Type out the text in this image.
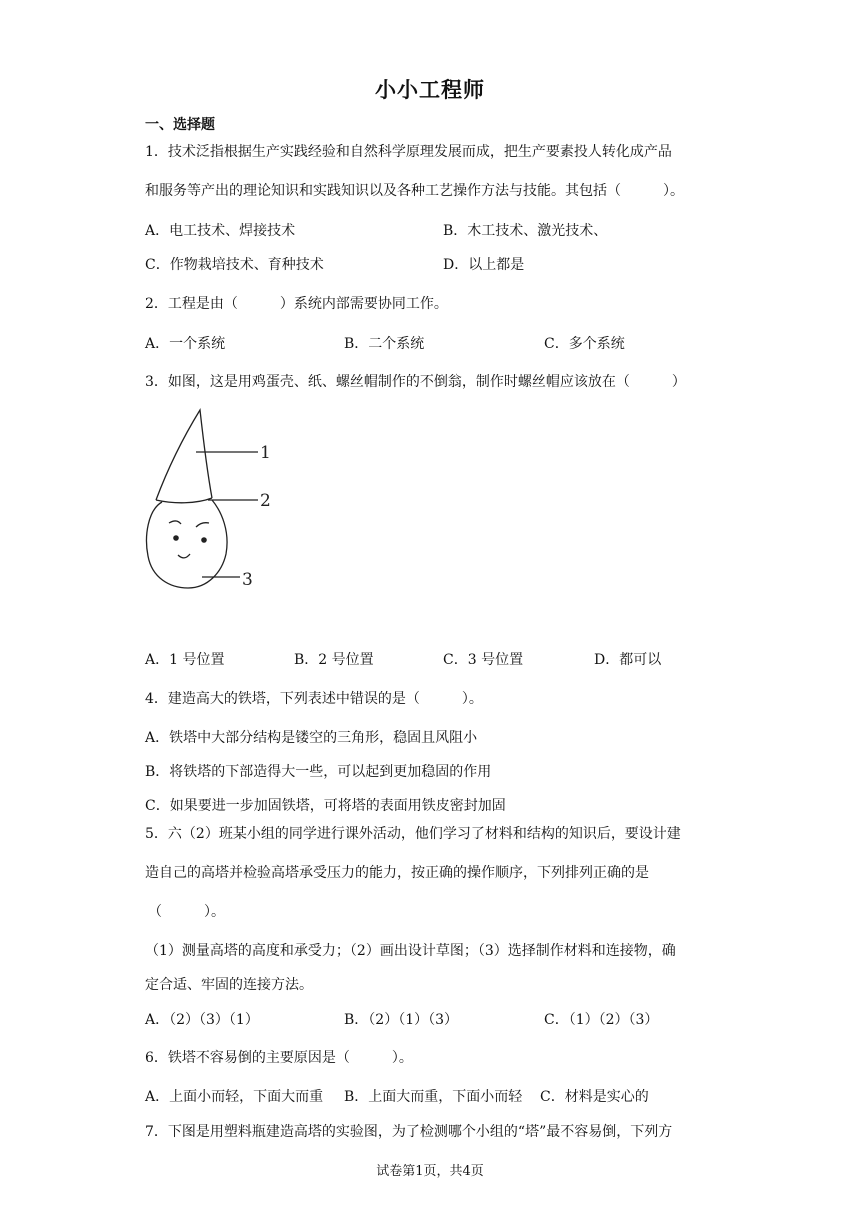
小小工程师
一、选择题
1．技术泛指根据生产实践经验和自然科学原理发展而成，把生产要素投人转化成产品
和服务等产出的理论知识和实践知识以及各种工艺操作方法与技能。其包括（　　　）。
A．电工技术、焊接技术	B．木工技术、激光技术、
C．作物栽培技术、育种技术	D．以上都是
2．工程是由（　　　）系统内部需要协同工作。
A．一个系统	B．二个系统	C．多个系统
3．如图，这是用鸡蛋壳、纸、螺丝帽制作的不倒翁，制作时螺丝帽应该放在（　　　）
1
2
3
A．1 号位置	B．2 号位置	C．3 号位置	D．都可以
4．建造高大的铁塔，下列表述中错误的是（　　　）。
A．铁塔中大部分结构是镂空的三角形，稳固且风阻小
B．将铁塔的下部造得大一些，可以起到更加稳固的作用
C．如果要进一步加固铁塔，可将塔的表面用铁皮密封加固
5．六（2）班某小组的同学进行课外活动，他们学习了材料和结构的知识后，要设计建
造自己的高塔并检验高塔承受压力的能力，按正确的操作顺序，下列排列正确的是
（　　　）。
（1）测量高塔的高度和承受力；（2）画出设计草图；（3）选择制作材料和连接物，确
定合适、牢固的连接方法。
A．（2）（3）（1）	B．（2）（1）（3）	C．（1）（2）（3）
6．铁塔不容易倒的主要原因是（　　　）。
A．上面小而轻，下面大而重 B．上面大而重，下面小而轻 C．材料是实心的
7．下图是用塑料瓶建造高塔的实验图，为了检测哪个小组的“塔”最不容易倒，下列方
试卷第1页，共4页
